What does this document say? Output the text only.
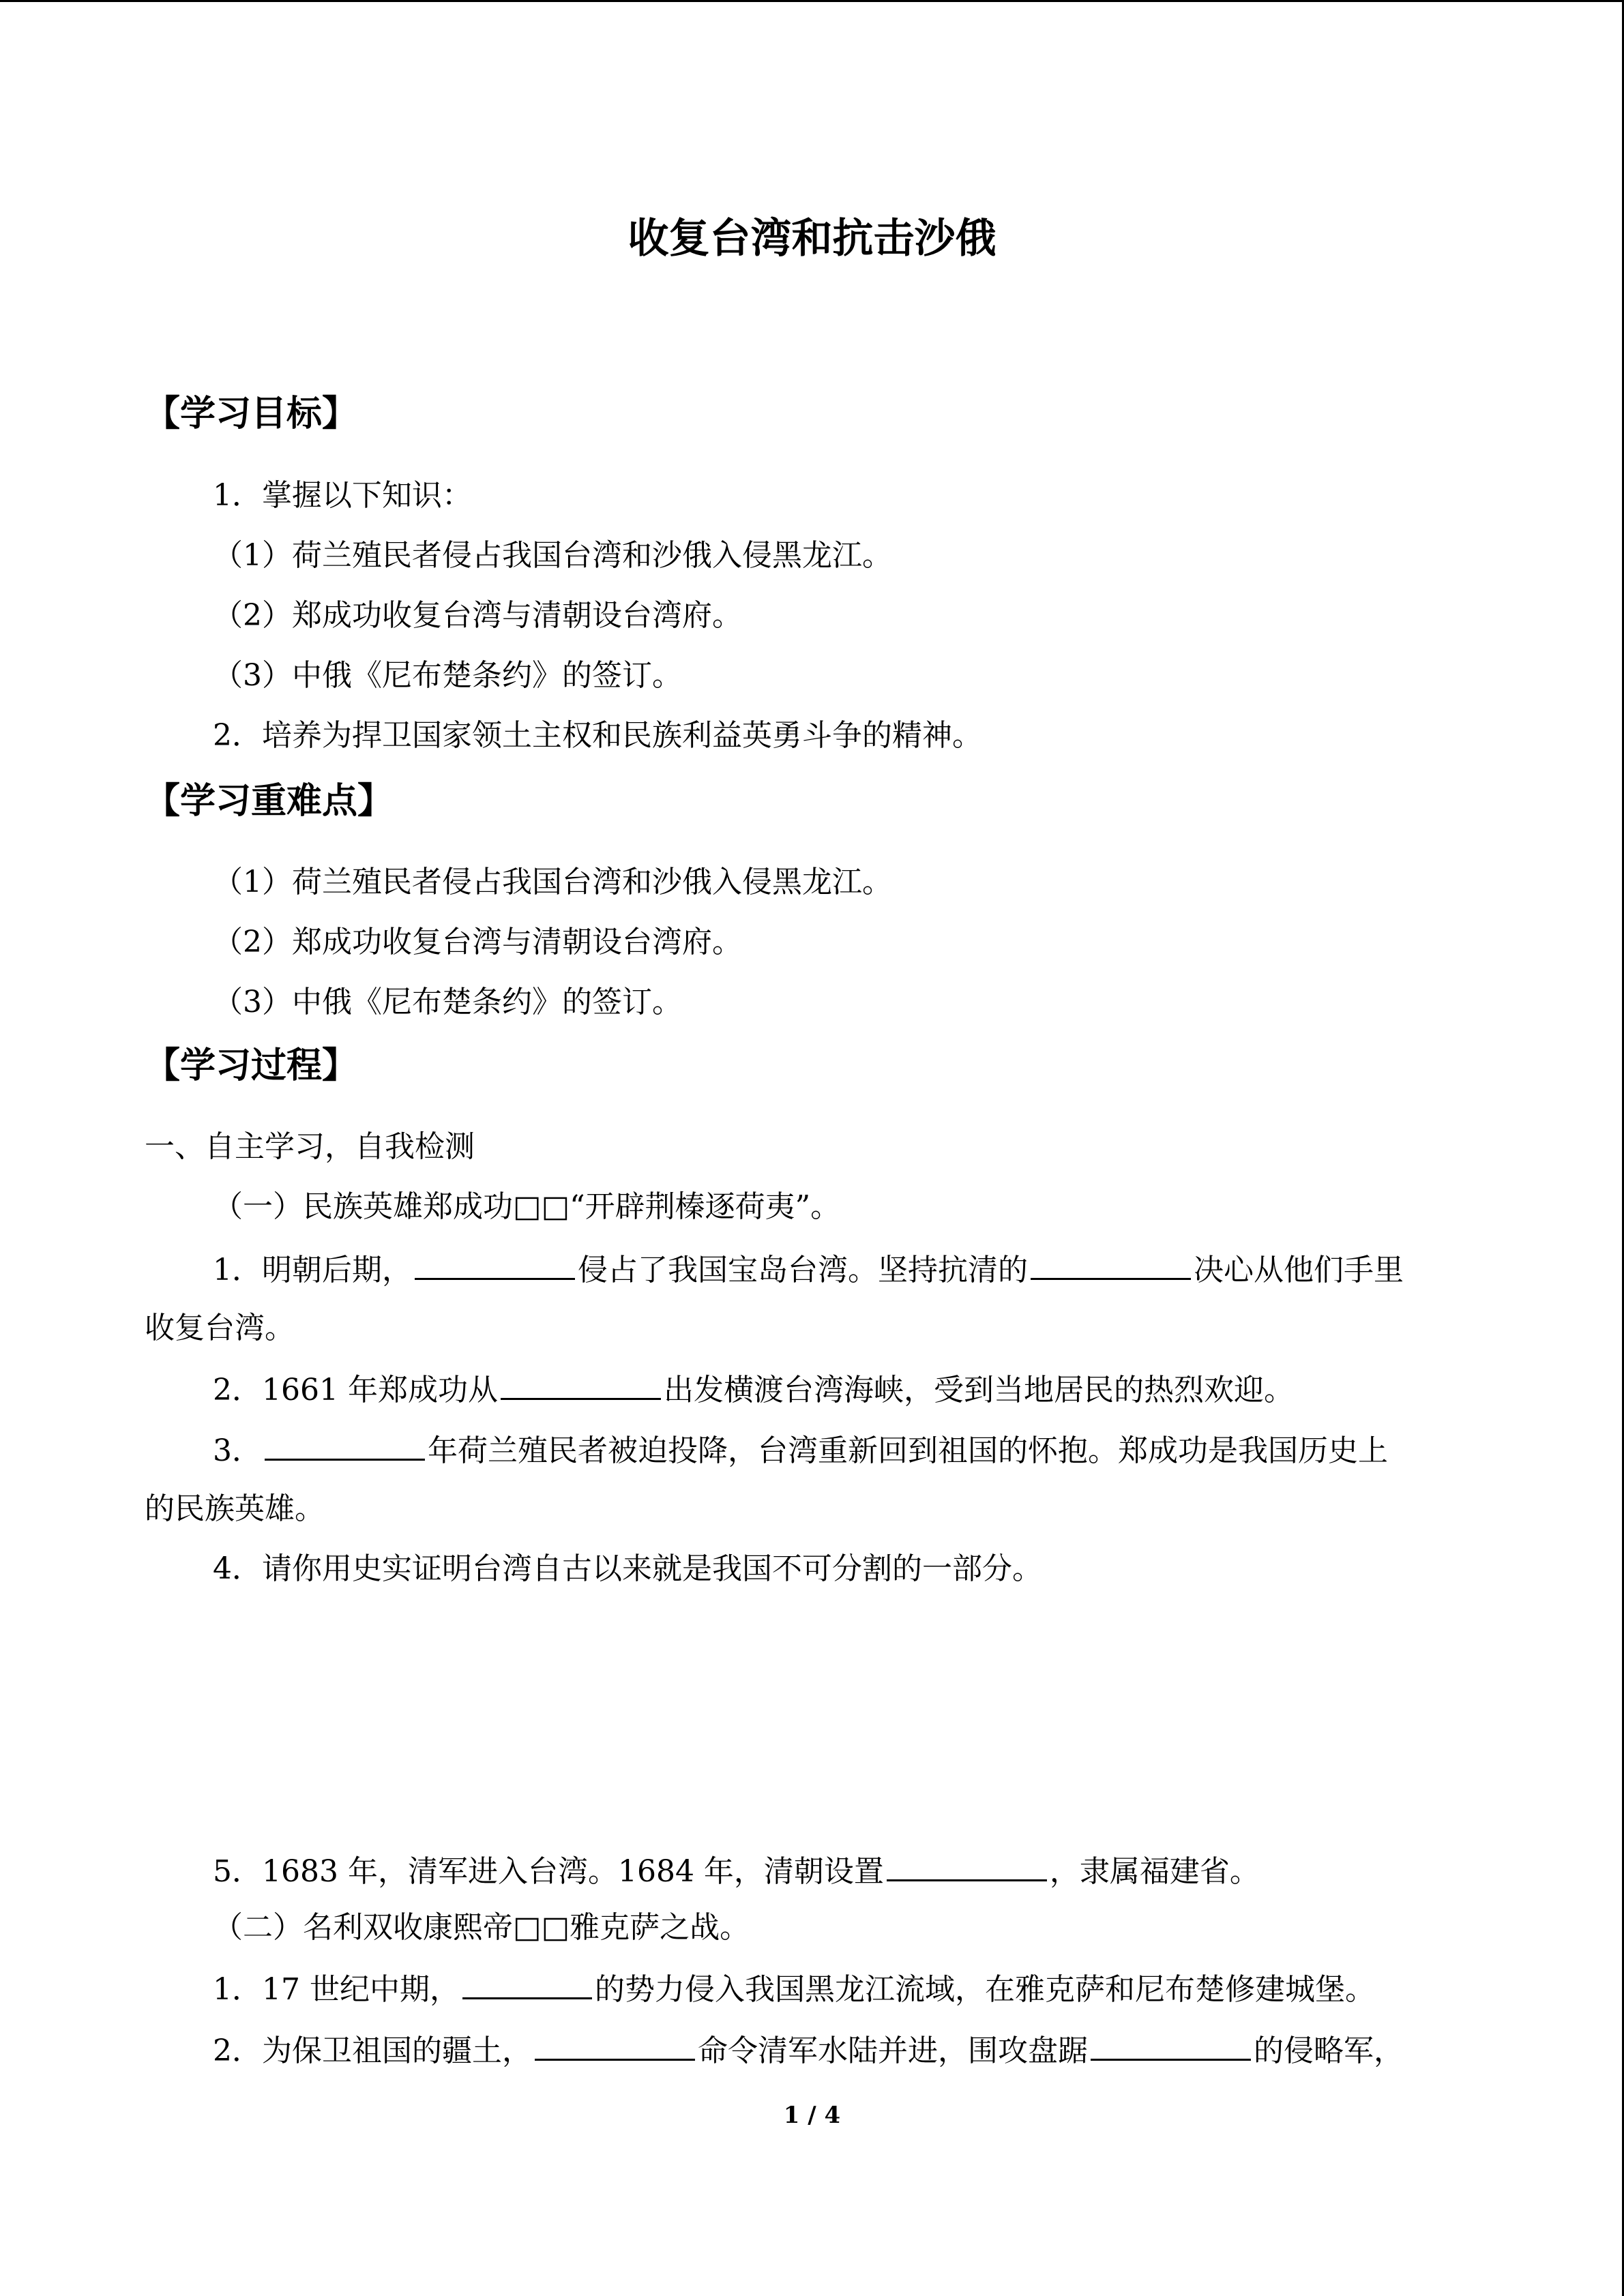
收复台湾和抗击沙俄
【学习目标】
1．掌握以下知识：
（1）荷兰殖民者侵占我国台湾和沙俄入侵黑龙江。
（2）郑成功收复台湾与清朝设台湾府。
（3）中俄《尼布楚条约》的签订。
2．培养为捍卫国家领土主权和民族利益英勇斗争的精神。
【学习重难点】
（1）荷兰殖民者侵占我国台湾和沙俄入侵黑龙江。
（2）郑成功收复台湾与清朝设台湾府。
（3）中俄《尼布楚条约》的签订。
【学习过程】
一、自主学习，自我检测
（一）民族英雄郑成功□□“开辟荆榛逐荷夷”。
1．明朝后期，	侵占了我国宝岛台湾。坚持抗清的	决心从他们手里
收复台湾。
2．1661 年郑成功从	出发横渡台湾海峡，受到当地居民的热烈欢迎。
3．	年荷兰殖民者被迫投降，台湾重新回到祖国的怀抱。郑成功是我国历史上
的民族英雄。
4．请你用史实证明台湾自古以来就是我国不可分割的一部分。
5．1683 年，清军进入台湾。1684 年，清朝设置	，隶属福建省。
（二）名利双收康熙帝□□雅克萨之战。
1．17 世纪中期，	的势力侵入我国黑龙江流域，在雅克萨和尼布楚修建城堡。
2．为保卫祖国的疆土，	命令清军水陆并进，围攻盘踞	的侵略军，
1 / 4
